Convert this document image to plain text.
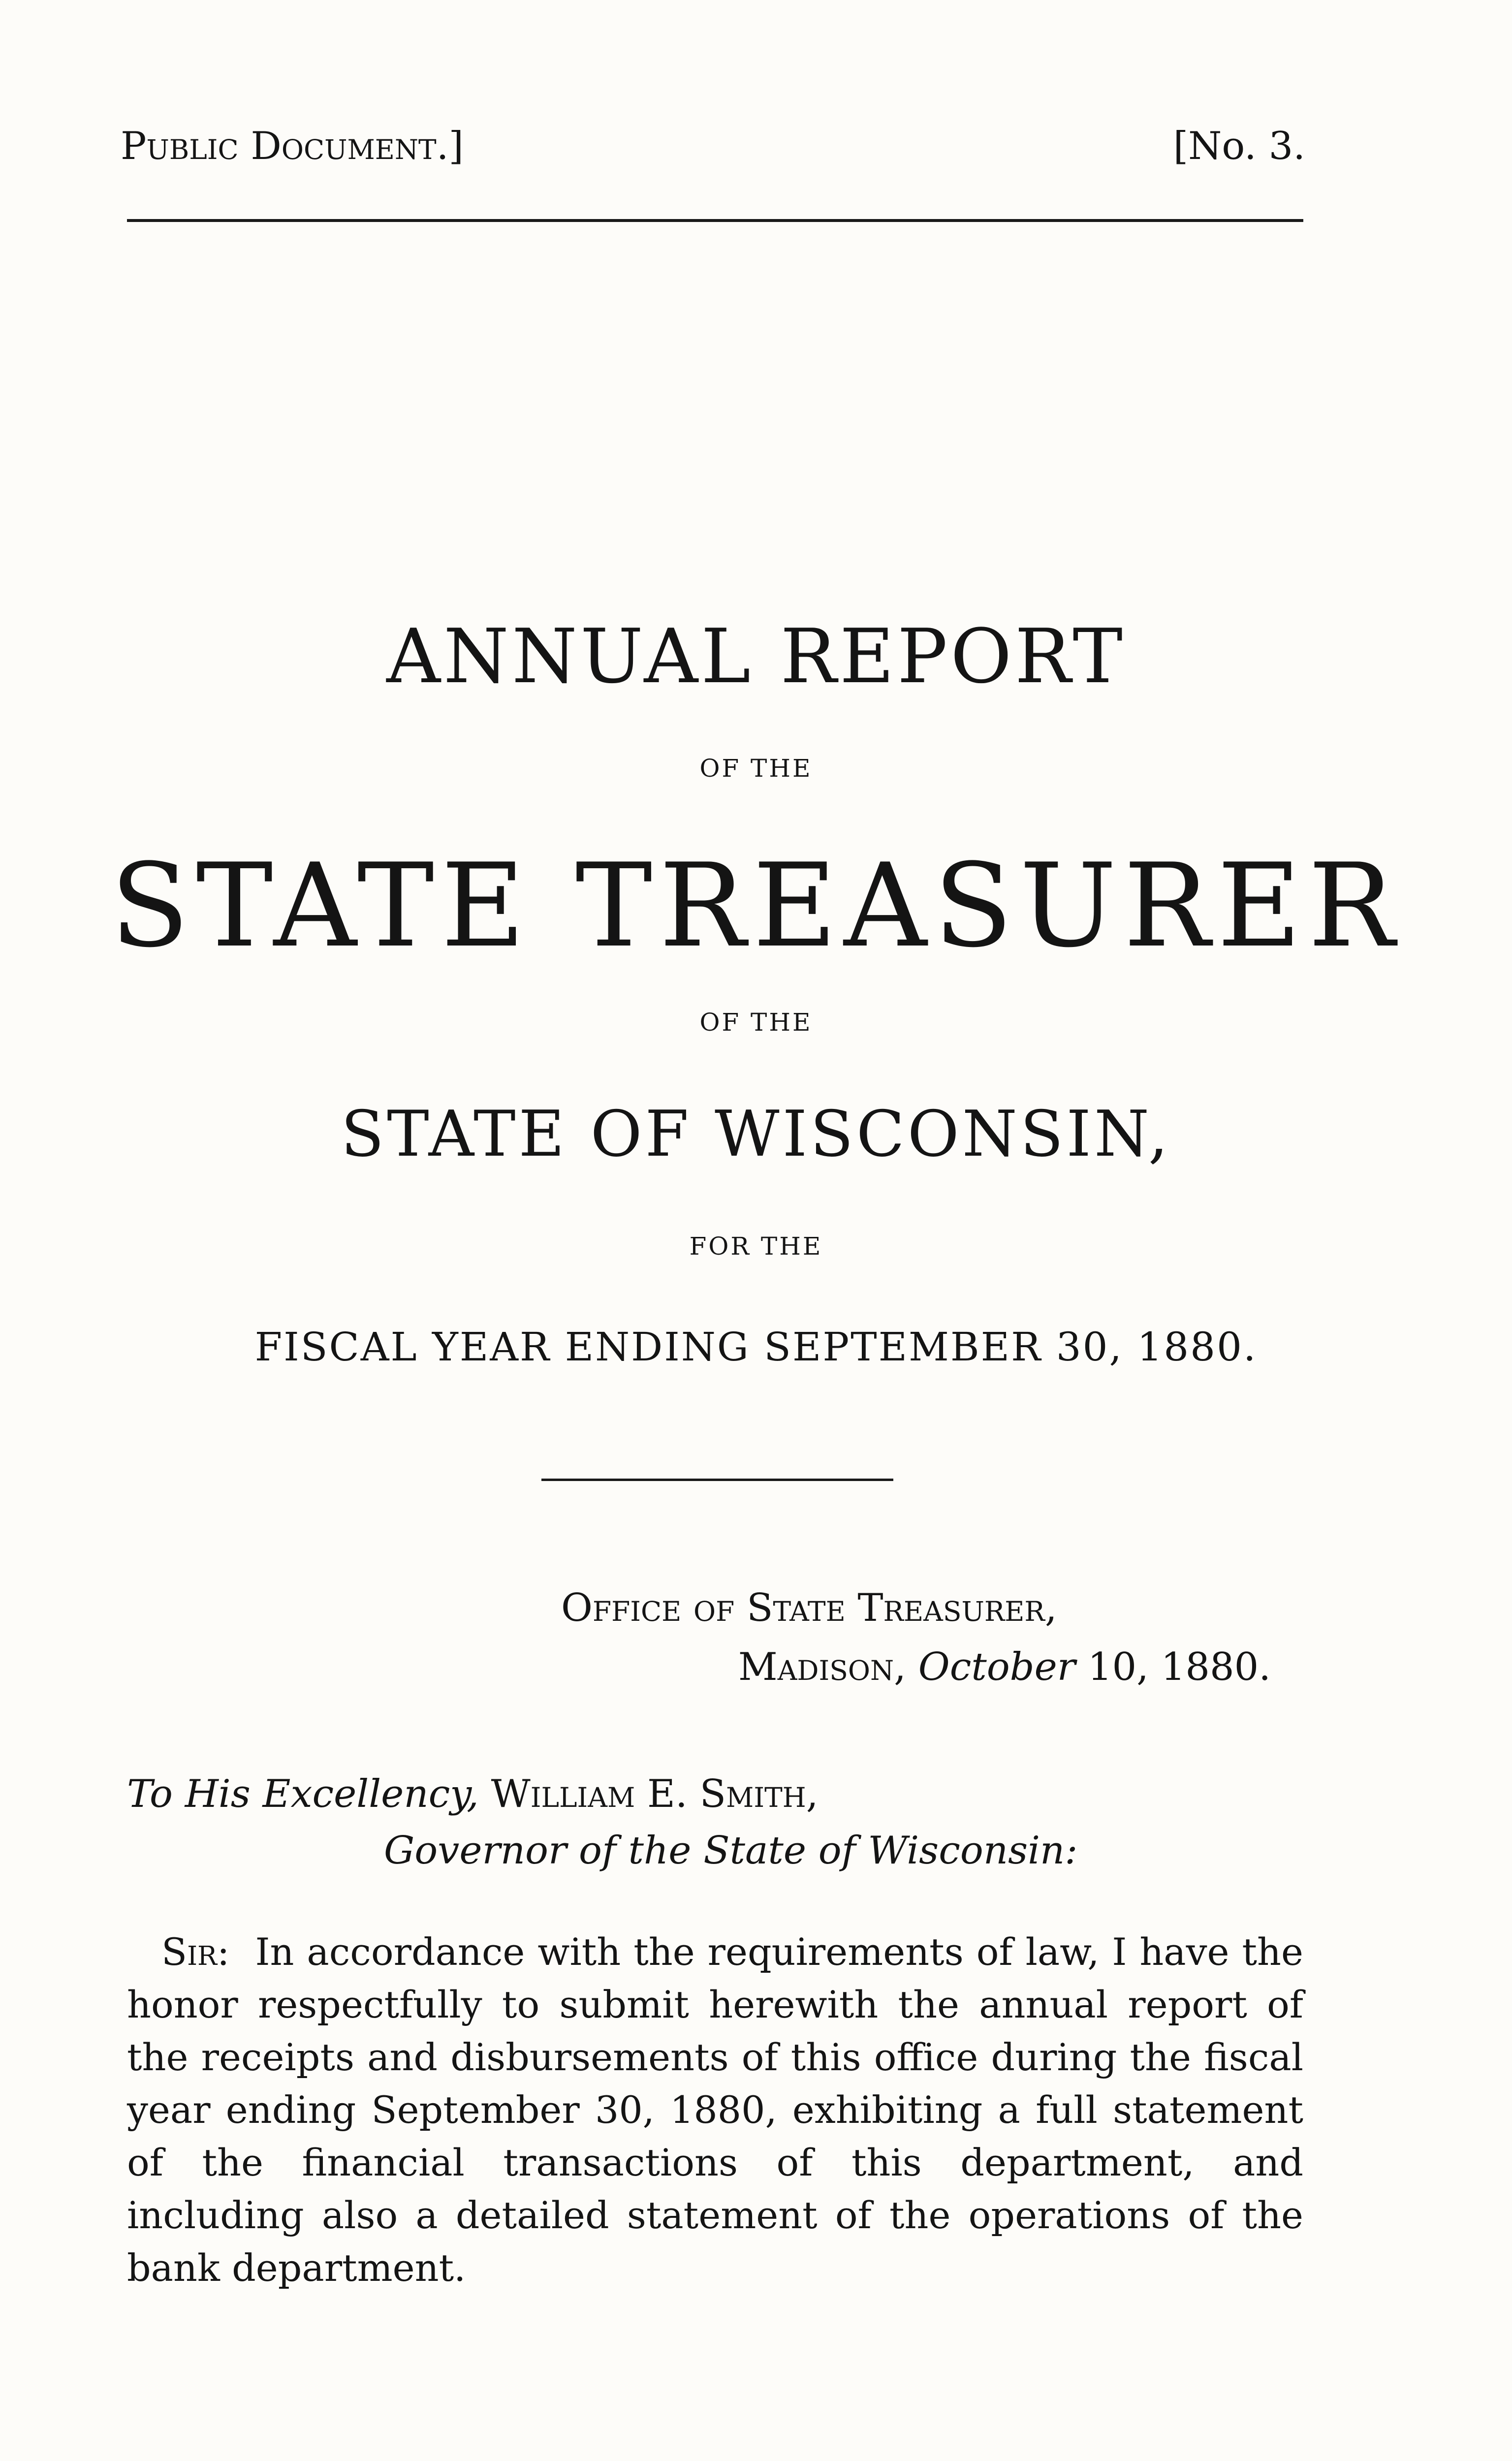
Public Document.]	[No. 3.
ANNUAL REPORT
OF THE
STATE TREASURER
OF THE
STATE OF WISCONSIN,
FOR THE
FISCAL YEAR ENDING SEPTEMBER 30, 1880.
Office of State Treasurer,
Madison, October 10, 1880.
To His Excellency, William E. Smith,
Governor of the State of Wisconsin:
Sir: In accordance with the requirements of law, I have the honor respectfully to submit herewith the annual report of the receipts and disbursements of this office during the fiscal year ending September 30, 1880, exhibiting a full statement of the financial transactions of this department, and including also a detailed statement of the operations of the bank department.
